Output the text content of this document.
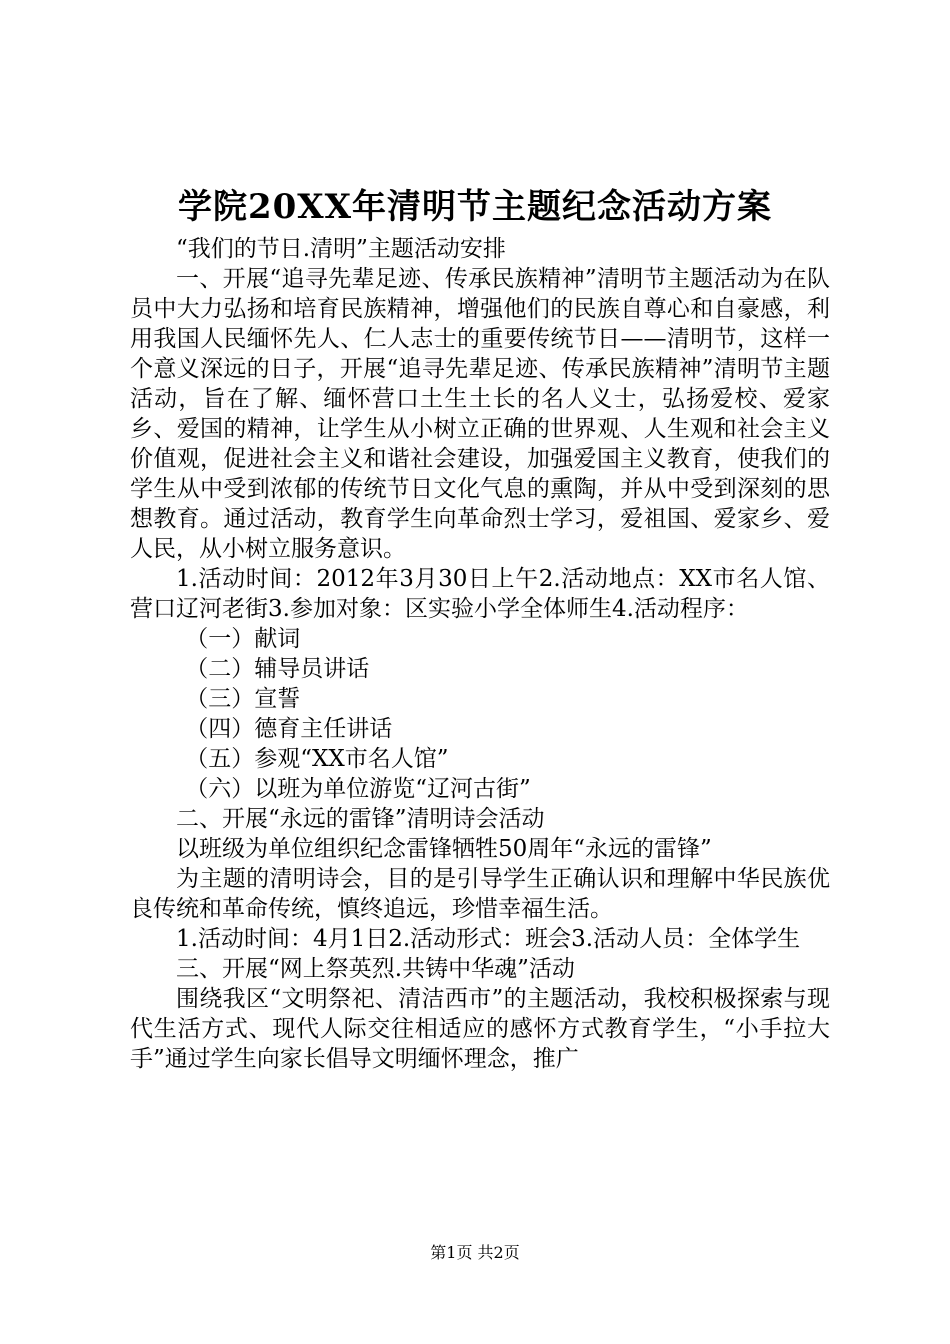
学院20XX年清明节主题纪念活动方案

“我们的节日.清明”主题活动安排

一、开展“追寻先辈足迹、传承民族精神”清明节主题活动为在队员中大力弘扬和培育民族精神，增强他们的民族自尊心和自豪感，利用我国人民缅怀先人、仁人志士的重要传统节日——清明节，这样一个意义深远的日子，开展“追寻先辈足迹、传承民族精神”清明节主题活动，旨在了解、缅怀营口土生土长的名人义士，弘扬爱校、爱家乡、爱国的精神，让学生从小树立正确的世界观、人生观和社会主义价值观，促进社会主义和谐社会建设，加强爱国主义教育，使我们的学生从中受到浓郁的传统节日文化气息的熏陶，并从中受到深刻的思想教育。通过活动，教育学生向革命烈士学习，爱祖国、爱家乡、爱人民，从小树立服务意识。

1.活动时间：2012年3月30日上午2.活动地点：XX市名人馆、营口辽河老街3.参加对象：区实验小学全体师生4.活动程序：

（一）献词

（二）辅导员讲话

（三）宣誓

（四）德育主任讲话

（五）参观“XX市名人馆”

（六）以班为单位游览“辽河古街”

二、开展“永远的雷锋”清明诗会活动

以班级为单位组织纪念雷锋牺牲50周年“永远的雷锋”

为主题的清明诗会，目的是引导学生正确认识和理解中华民族优良传统和革命传统，慎终追远，珍惜幸福生活。

1.活动时间：4月1日2.活动形式：班会3.活动人员：全体学生

三、开展“网上祭英烈.共铸中华魂”活动

围绕我区“文明祭祀、清洁西市”的主题活动，我校积极探索与现代生活方式、现代人际交往相适应的感怀方式教育学生，“小手拉大手”通过学生向家长倡导文明缅怀理念，推广

第1页 共2页
